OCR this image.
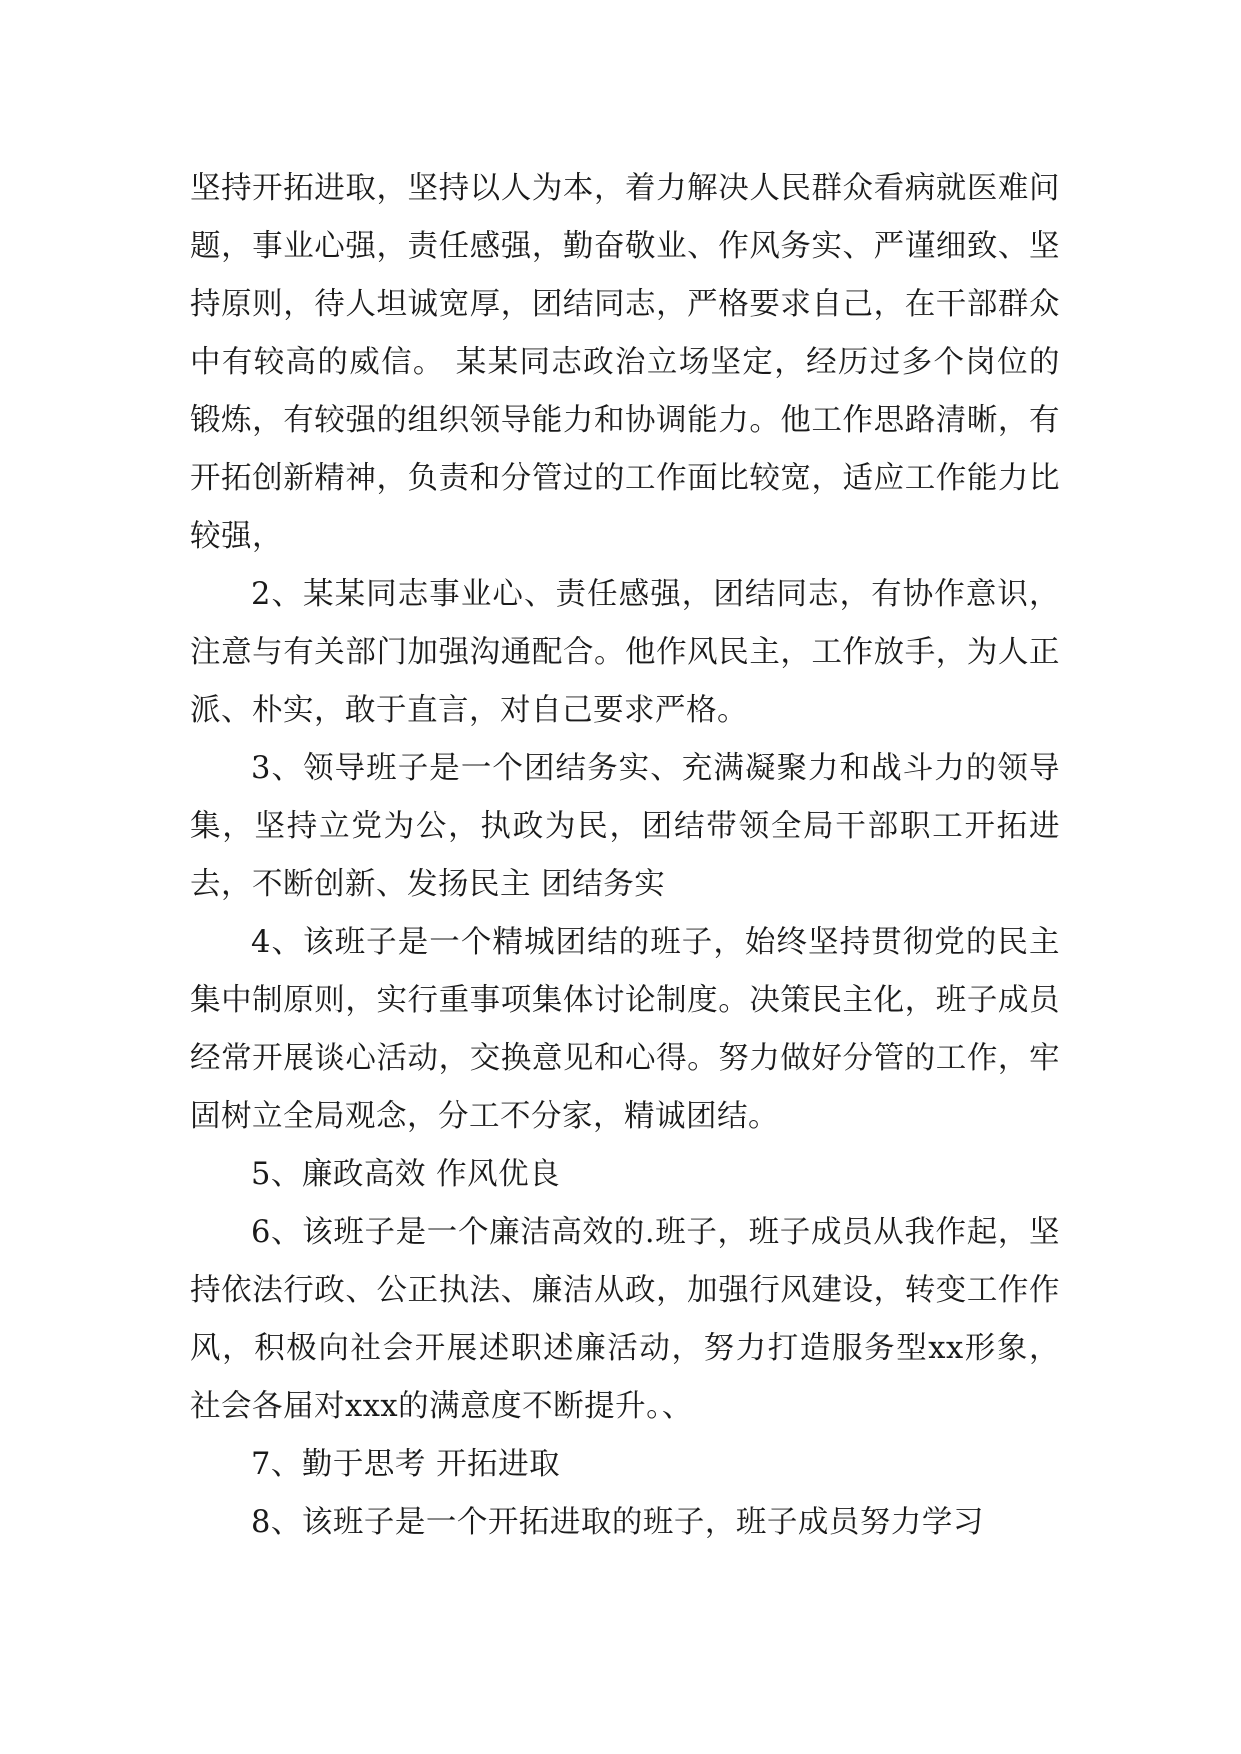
坚持开拓进取，坚持以人为本，着力解决人民群众看病就医难问题，事业心强，责任感强，勤奋敬业、作风务实、严谨细致、坚持原则，待人坦诚宽厚，团结同志，严格要求自己，在干部群众中有较高的威信。 某某同志政治立场坚定，经历过多个岗位的锻炼，有较强的组织领导能力和协调能力。他工作思路清晰，有开拓创新精神，负责和分管过的工作面比较宽，适应工作能力比较强，

2、某某同志事业心、责任感强，团结同志，有协作意识，注意与有关部门加强沟通配合。他作风民主，工作放手，为人正派、朴实，敢于直言，对自己要求严格。

3、领导班子是一个团结务实、充满凝聚力和战斗力的领导集，坚持立党为公，执政为民，团结带领全局干部职工开拓进去，不断创新、发扬民主 团结务实

4、该班子是一个精城团结的班子，始终坚持贯彻党的民主集中制原则，实行重事项集体讨论制度。决策民主化，班子成员经常开展谈心活动，交换意见和心得。努力做好分管的工作，牢固树立全局观念，分工不分家，精诚团结。

5、廉政高效 作风优良

6、该班子是一个廉洁高效的.班子，班子成员从我作起，坚持依法行政、公正执法、廉洁从政，加强行风建设，转变工作作风，积极向社会开展述职述廉活动，努力打造服务型xx形象，社会各届对xxx的满意度不断提升。、

7、勤于思考 开拓进取

8、该班子是一个开拓进取的班子，班子成员努力学习
